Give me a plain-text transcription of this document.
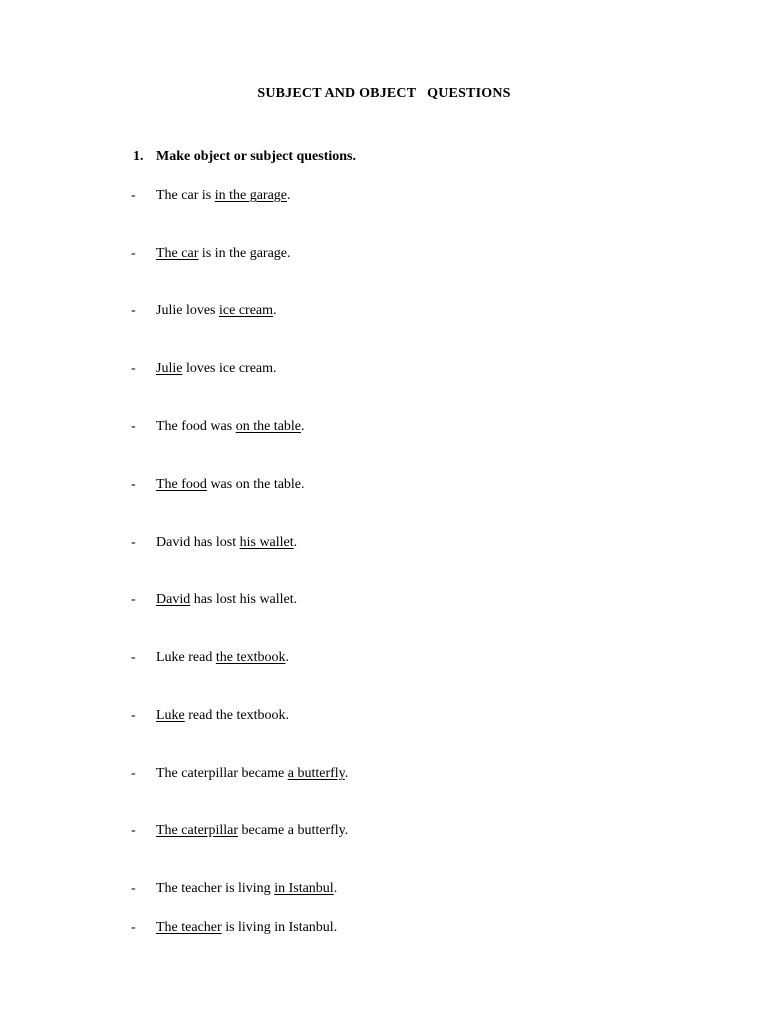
SUBJECT AND OBJECT   QUESTIONS
1. Make object or subject questions.
- The car is in the garage.
- The car is in the garage.
- Julie loves ice cream.
- Julie loves ice cream.
- The food was on the table.
- The food was on the table.
- David has lost his wallet.
- David has lost his wallet.
- Luke read the textbook.
- Luke read the textbook.
- The caterpillar became a butterfly.
- The caterpillar became a butterfly.
- The teacher is living in Istanbul.
- The teacher is living in Istanbul.
